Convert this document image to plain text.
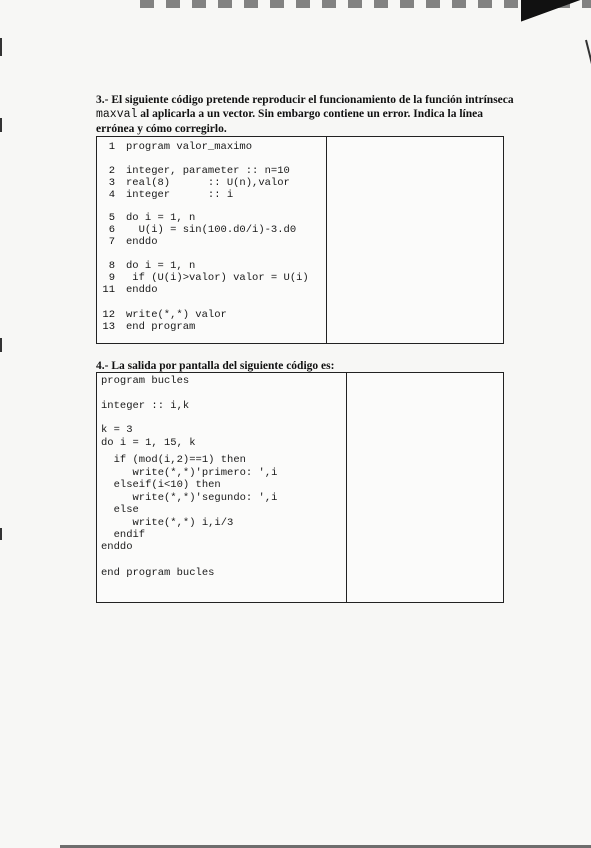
3.- El siguiente código pretende reproducir el funcionamiento de la función intrínseca maxval al aplicarla a un vector. Sin embargo contiene un error. Indica la línea errónea y cómo corregirlo.
1 program valor_maximo
2 integer, parameter :: n=10
3 real(8)      :: U(n),valor
4 integer      :: i
5 do i = 1, n
6 U(i) = sin(100.d0/i)-3.d0
7 enddo
8 do i = 1, n
9 if (U(i)>valor) valor = U(i)
11 enddo
12 write(*,*) valor
13 end program
4.- La salida por pantalla del siguiente código es:
program bucles
integer :: i,k
k = 3
do i = 1, 15, k
if (mod(i,2)==1) then
write(*,*)'primero: ',i
elseif(i<10) then
write(*,*)'segundo: ',i
else
write(*,*) i,i/3
endif
enddo
end program bucles
